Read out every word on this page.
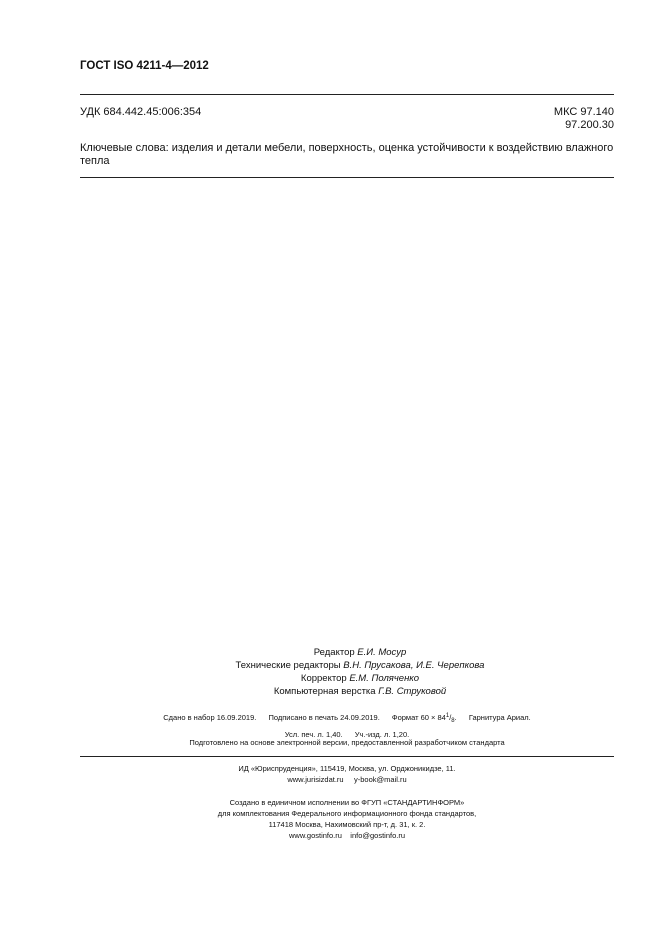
ГОСТ ISO 4211-4—2012
УДК 684.442.45:006:354	МКС 97.140
97.200.30
Ключевые слова: изделия и детали мебели, поверхность, оценка устойчивости к воздействию влажного тепла
Редактор Е.И. Мосур
Технические редакторы В.Н. Прусакова, И.Е. Черепкова
Корректор Е.М. Поляченко
Компьютерная верстка Г.В. Струковой
Сдано в набор 16.09.2019. Подписано в печать 24.09.2019. Формат $60 \times 84^1/_8$. Гарнитура Ариал.
Усл. печ. л. 1,40. Уч.-изд. л. 1,20.
Подготовлено на основе электронной версии, предоставленной разработчиком стандарта
ИД «Юриспруденция», 115419, Москва, ул. Орджоникидзе, 11.
www.jurisizdat.ru y-book@mail.ru
Создано в единичном исполнении во ФГУП «СТАНДАРТИНФОРМ»
для комплектования Федерального информационного фонда стандартов,
117418 Москва, Нахимовский пр-т, д. 31, к. 2.
www.gostinfo.ru info@gostinfo.ru
